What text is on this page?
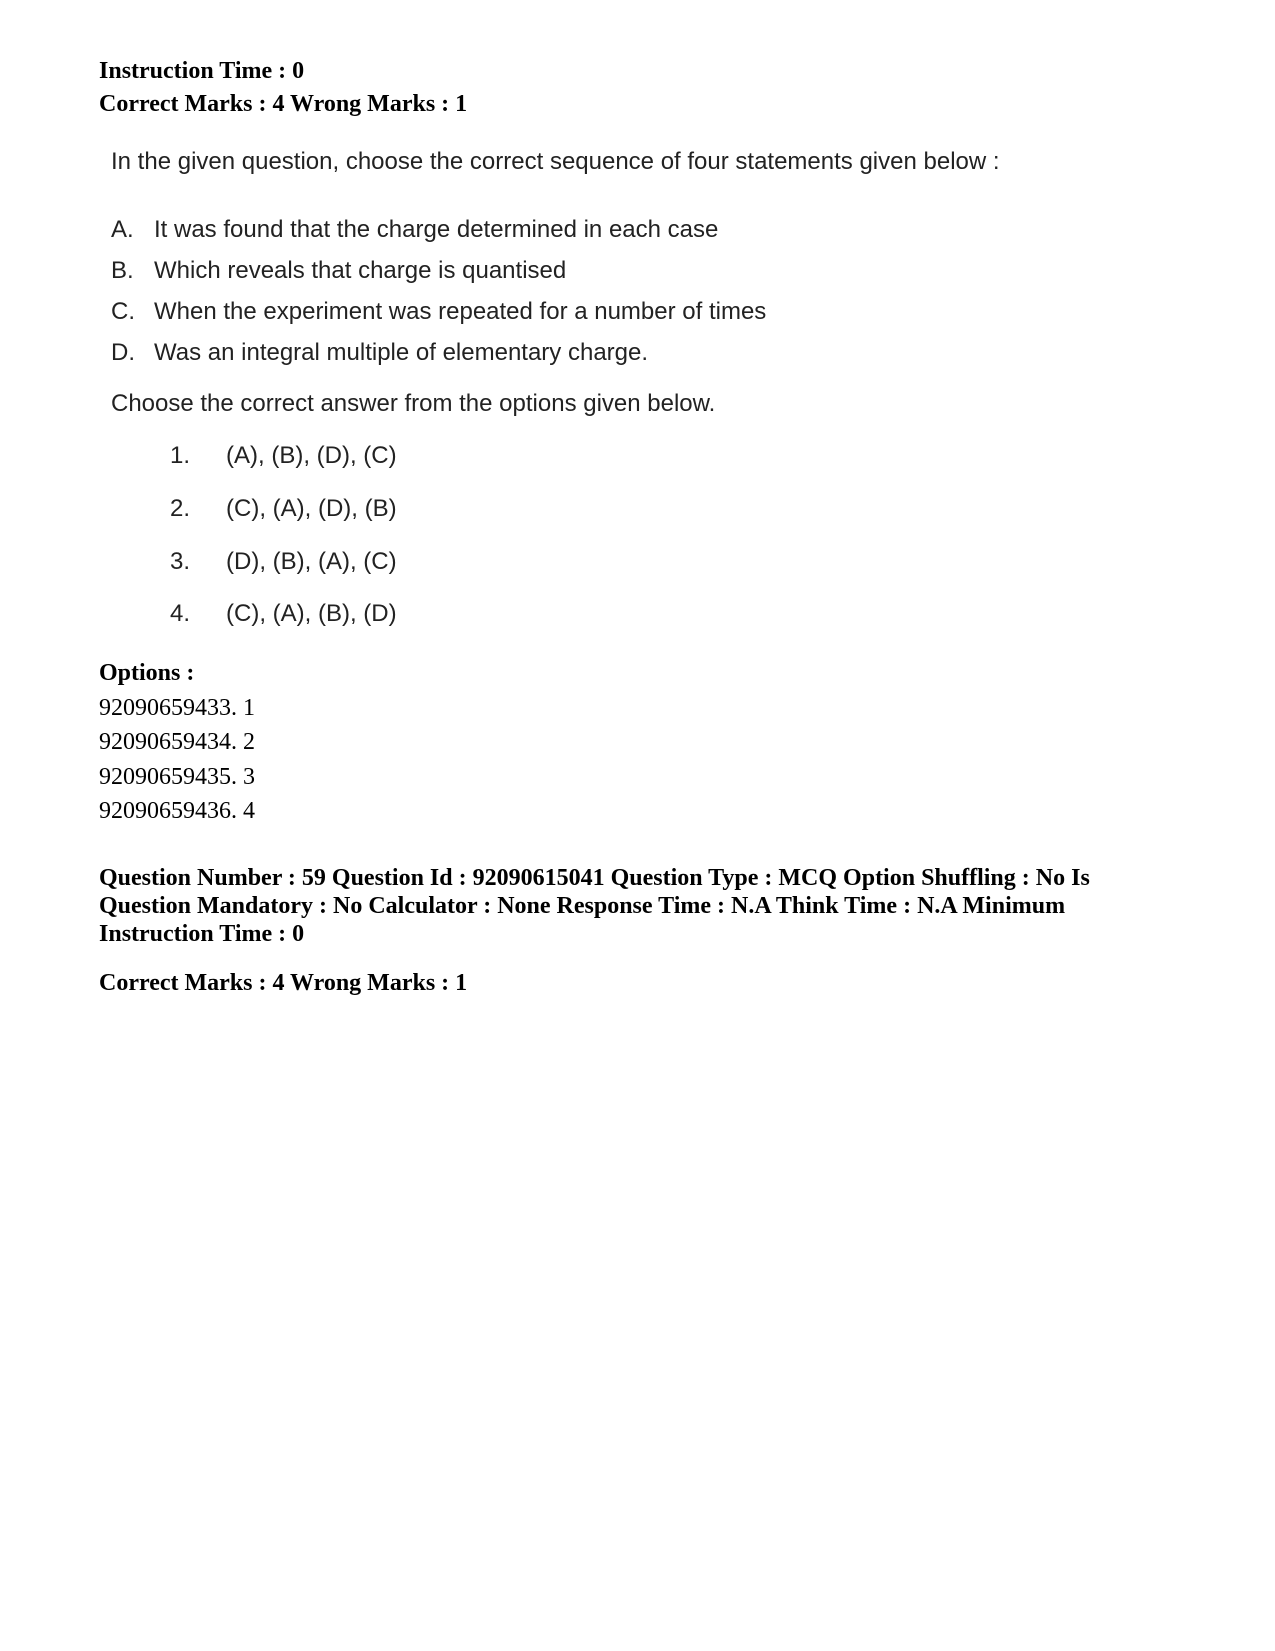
Instruction Time : 0
Correct Marks : 4 Wrong Marks : 1
In the given question, choose the correct sequence of four statements given below :
A. It was found that the charge determined in each case
B. Which reveals that charge is quantised
C. When the experiment was repeated for a number of times
D. Was an integral multiple of elementary charge.
Choose the correct answer from the options given below.
1. (A), (B), (D), (C)
2. (C), (A), (D), (B)
3. (D), (B), (A), (C)
4. (C), (A), (B), (D)
Options :
92090659433. 1
92090659434. 2
92090659435. 3
92090659436. 4
Question Number : 59 Question Id : 92090615041 Question Type : MCQ Option Shuffling : No Is Question Mandatory : No Calculator : None Response Time : N.A Think Time : N.A Minimum Instruction Time : 0
Correct Marks : 4 Wrong Marks : 1
